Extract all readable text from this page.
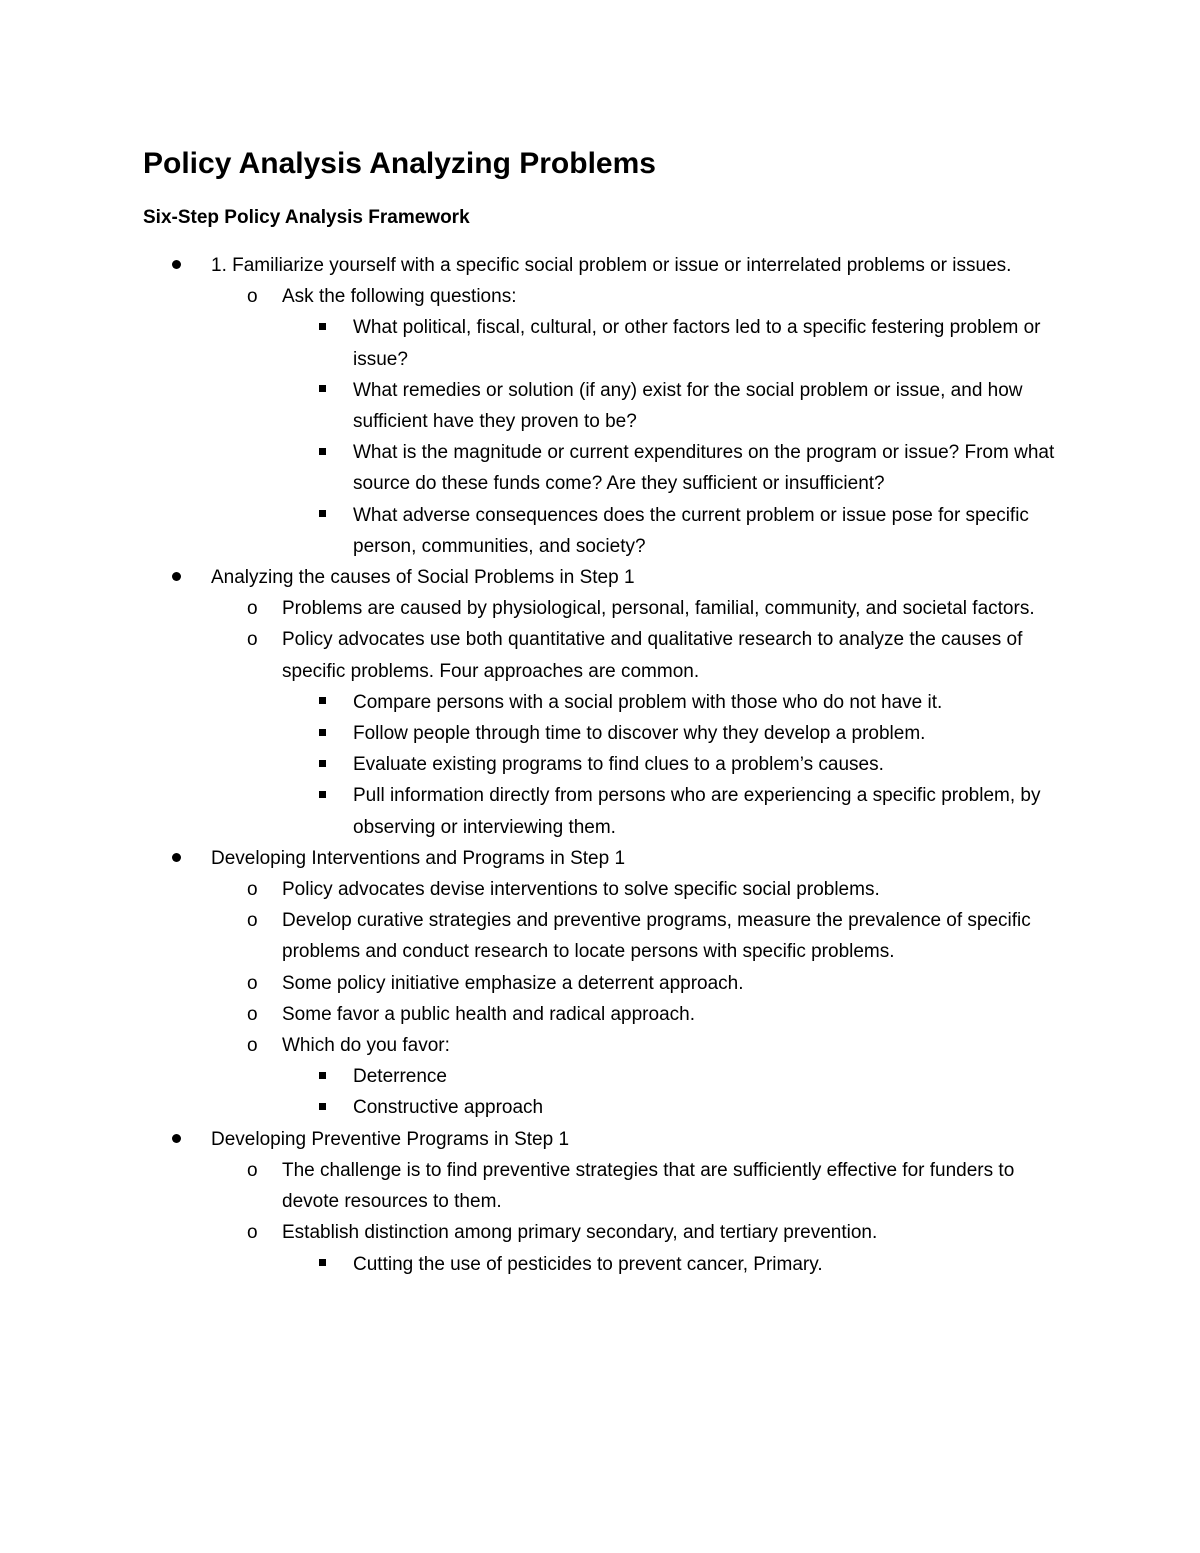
Policy Analysis Analyzing Problems
Six-Step Policy Analysis Framework
1. Familiarize yourself with a specific social problem or issue or interrelated problems or issues.
o Ask the following questions:
What political, fiscal, cultural, or other factors led to a specific festering problem or issue?
What remedies or solution (if any) exist for the social problem or issue, and how sufficient have they proven to be?
What is the magnitude or current expenditures on the program or issue? From what source do these funds come? Are they sufficient or insufficient?
What adverse consequences does the current problem or issue pose for specific person, communities, and society?
Analyzing the causes of Social Problems in Step 1
o Problems are caused by physiological, personal, familial, community, and societal factors.
o Policy advocates use both quantitative and qualitative research to analyze the causes of specific problems. Four approaches are common.
Compare persons with a social problem with those who do not have it.
Follow people through time to discover why they develop a problem.
Evaluate existing programs to find clues to a problem’s causes.
Pull information directly from persons who are experiencing a specific problem, by observing or interviewing them.
Developing Interventions and Programs in Step 1
o Policy advocates devise interventions to solve specific social problems.
o Develop curative strategies and preventive programs, measure the prevalence of specific problems and conduct research to locate persons with specific problems.
o Some policy initiative emphasize a deterrent approach.
o Some favor a public health and radical approach.
o Which do you favor:
Deterrence
Constructive approach
Developing Preventive Programs in Step 1
o The challenge is to find preventive strategies that are sufficiently effective for funders to devote resources to them.
o Establish distinction among primary secondary, and tertiary prevention.
Cutting the use of pesticides to prevent cancer, Primary.
